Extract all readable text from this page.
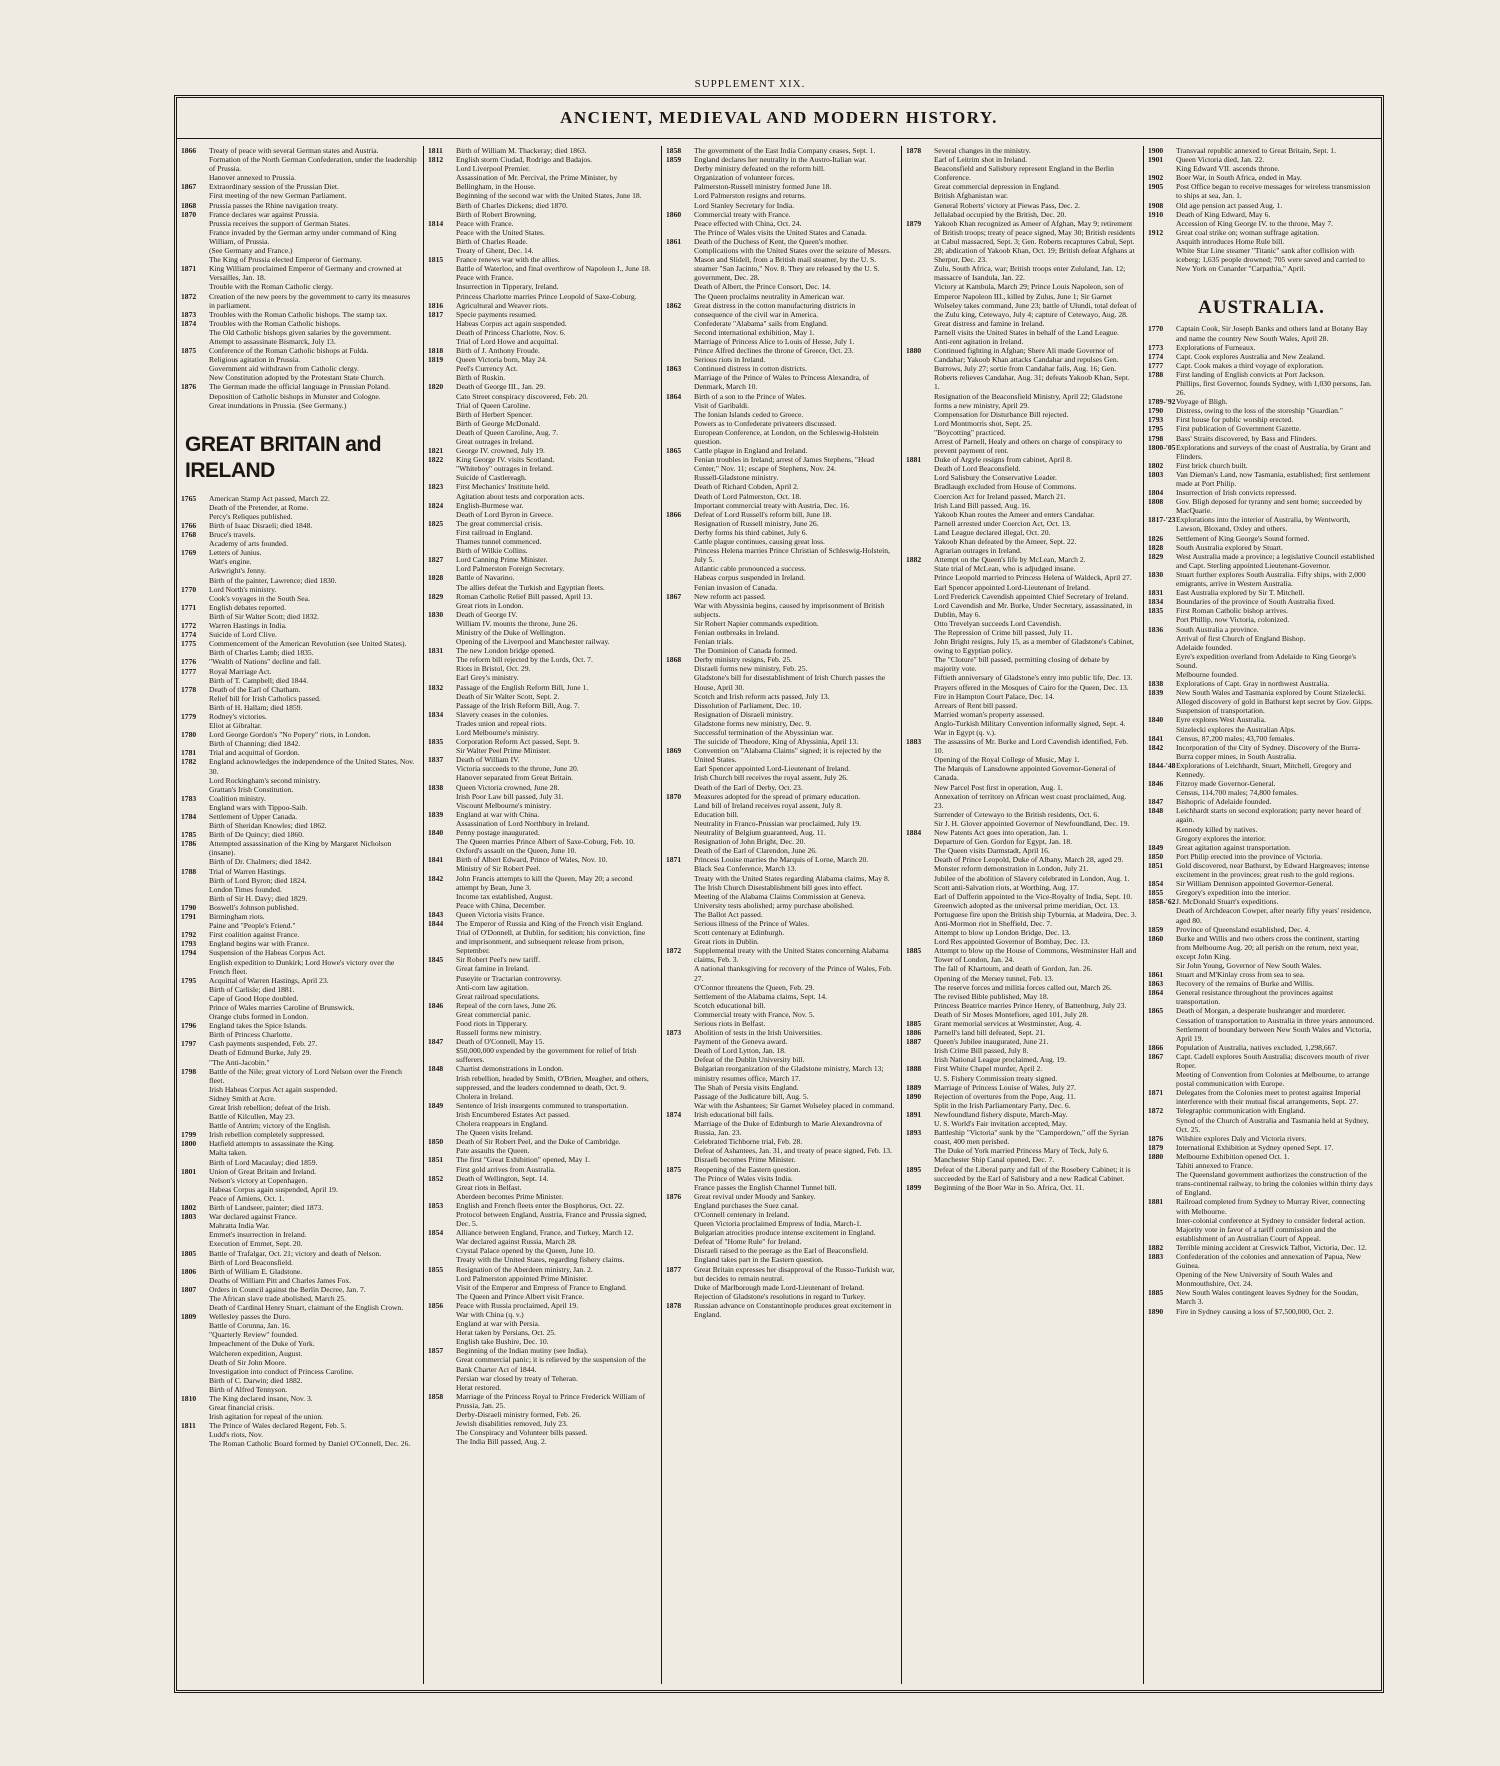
SUPPLEMENT XIX.
ANCIENT, MEDIEVAL AND MODERN HISTORY.
1866	Treaty of peace with several German states and Austria.
Formation of the North German Confederation, under the leadership of Prussia.
Hanover annexed to Prussia.
1867	Extraordinary session of the Prussian Diet.
First meeting of the new German Parliament.
1868	Prussia passes the Rhine navigation treaty.
1870	France declares war against Prussia.
Prussia receives the support of German States.
France invaded by the German army under command of King William, of Prussia.
(See Germany and France.)
The King of Prussia elected Emperor of Germany.
1871	King William proclaimed Emperor of Germany and crowned at Versailles, Jan. 18.
Trouble with the Roman Catholic clergy.
1872	Creation of the new peers by the government to carry its measures in parliament.
1873	Troubles with the Roman Catholic bishops. The stamp tax.
1874	Troubles with the Roman Catholic bishops.
The Old Catholic bishops given salaries by the government.
Attempt to assassinate Bismarck, July 13.
1875	Conference of the Roman Catholic bishops at Fulda.
Religious agitation in Prussia.
Government aid withdrawn from Catholic clergy.
New Constitution adopted by the Protestant State Church.
1876	The German made the official language in Prussian Poland.
Deposition of Catholic bishops in Munster and Cologne.
Great inundations in Prussia. (See Germany.)
GREAT BRITAIN and IRELAND
1765	American Stamp Act passed, March 22.
Death of the Pretender, at Rome.
Percy's Reliques published.
1766	Birth of Isaac Disraeli; died 1848.
1768	Bruce's travels.
Academy of arts founded.
1769	Letters of Junius.
Watt's engine.
Arkwright's Jenny.
Birth of the painter, Lawrence; died 1830.
1770	Lord North's ministry.
Cook's voyages in the South Sea.
1771	English debates reported.
Birth of Sir Walter Scott; died 1832.
1772	Warren Hastings in India.
1774	Suicide of Lord Clive.
1775	Commencement of the American Revolution (see United States).
Birth of Charles Lamb; died 1835.
1776	"Wealth of Nations" decline and fall.
1777	Royal Marriage Act.
Birth of T. Campbell; died 1844.
1778	Death of the Earl of Chatham.
Relief bill for Irish Catholics passed.
Birth of H. Hallam; died 1859.
1779	Rodney's victories.
Eliot at Gibraltar.
1780	Lord George Gordon's "No Popery" riots, in London.
Birth of Channing; died 1842.
1781	Trial and acquittal of Gordon.
1782	England acknowledges the independence of the United States, Nov. 30.
Lord Rockingham's second ministry.
Grattan's Irish Constitution.
1783	Coalition ministry.
England wars with Tippoo-Saib.
1784	Settlement of Upper Canada.
Birth of Sheridan Knowles; died 1862.
1785	Birth of De Quincy; died 1860.
1786	Attempted assassination of the King by Margaret Nicholson (insane).
Birth of Dr. Chalmers; died 1842.
1788	Trial of Warren Hastings.
Birth of Lord Byron; died 1824.
London Times founded.
Birth of Sir H. Davy; died 1829.
1790	Boswell's Johnson published.
1791	Birmingham riots.
Paine and "People's Friend."
1792	First coalition against France.
1793	England begins war with France.
1794	Suspension of the Habeas Corpus Act.
English expedition to Dunkirk; Lord Howe's victory over the French fleet.
1795	Acquittal of Warren Hastings, April 23.
Birth of Carlisle; died 1881.
Cape of Good Hope doubled.
Prince of Wales marries Caroline of Brunswick.
Orange clubs formed in London.
1796	England takes the Spice Islands.
Birth of Princess Charlotte.
1797	Cash payments suspended, Feb. 27.
Death of Edmund Burke, July 29.
"The Anti-Jacobin."
1798	Battle of the Nile; great victory of Lord Nelson over the French fleet.
Irish Habeas Corpus Act again suspended.
Sidney Smith at Acre.
Great Irish rebellion; defeat of the Irish.
Battle of Kilcullen, May 23.
Battle of Antrim; victory of the English.
1799	Irish rebellion completely suppressed.
1800	Hatfield attempts to assassinate the King.
Malta taken.
Birth of Lord Macaulay; died 1859.
1801	Union of Great Britain and Ireland.
Nelson's victory at Copenhagen.
Habeas Corpus again suspended, April 19.
Peace of Amiens, Oct. 1.
1802	Birth of Landseer, painter; died 1873.
1803	War declared against France.
Mahratta India War.
Emmet's insurrection in Ireland.
Execution of Emmet, Sept. 20.
1805	Battle of Trafalgar, Oct. 21; victory and death of Nelson.
Birth of Lord Beaconsfield.
1806	Birth of William E. Gladstone.
Deaths of William Pitt and Charles James Fox.
1807	Orders in Council against the Berlin Decree, Jan. 7.
The African slave trade abolished, March 25.
Death of Cardinal Henry Stuart, claimant of the English Crown.
1809	Wellesley passes the Duro.
Battle of Corunna, Jan. 16.
"Quarterly Review" founded.
Impeachment of the Duke of York.
Walcheren expedition, August.
Death of Sir John Moore.
Investigation into conduct of Princess Caroline.
Birth of C. Darwin; died 1882.
Birth of Alfred Tennyson.
1810	The King declared insane, Nov. 3.
Great financial crisis.
Irish agitation for repeal of the union.
1811	The Prince of Wales declared Regent, Feb. 5.
Ludd's riots, Nov.
The Roman Catholic Board formed by Daniel O'Connell, Dec. 26.
1811	Birth of William M. Thackeray; died 1863.
1812	English storm Ciudad, Rodrigo and Badajos.
Lord Liverpool Premier.
Assassination of Mr. Percival, the Prime Minister, by Bellingham, in the House.
Beginning of the second war with the United States, June 18.
Birth of Charles Dickens; died 1870.
Birth of Robert Browning.
1814	Peace with France.
Peace with the United States.
Birth of Charles Reade.
Treaty of Ghent, Dec. 14.
1815	France renews war with the allies.
Battle of Waterloo, and final overthrow of Napoleon I., June 18.
Peace with France.
Insurrection in Tipperary, Ireland.
Princess Charlotte marries Prince Leopold of Saxe-Coburg.
1816	Agricultural and Weaver riots.
1817	Specie payments resumed.
Habeas Corpus act again suspended.
Death of Princess Charlotte, Nov. 6.
Trial of Lord Howe and acquittal.
1818	Birth of J. Anthony Froude.
1819	Queen Victoria born, May 24.
Peel's Currency Act.
Birth of Ruskin.
1820	Death of George III., Jan. 29.
Cato Street conspiracy discovered, Feb. 20.
Trial of Queen Caroline.
Birth of Herbert Spencer.
Birth of George McDonald.
Death of Queen Caroline, Aug. 7.
Great outrages in Ireland.
1821	George IV. crowned, July 19.
1822	King George IV. visits Scotland.
"Whiteboy" outrages in Ireland.
Suicide of Castlereagh.
1823	First Mechanics' Institute held.
Agitation about tests and corporation acts.
1824	English-Burmese war.
Death of Lord Byron in Greece.
1825	The great commercial crisis.
First railroad in England.
Thames tunnel commenced.
Birth of Wilkie Collins.
1827	Lord Canning Prime Minister.
Lord Palmerston Foreign Secretary.
1828	Battle of Navarino.
The allies defeat the Turkish and Egyptian fleets.
1829	Roman Catholic Relief Bill passed, April 13.
Great riots in London.
1830	Death of George IV.
William IV. mounts the throne, June 26.
Ministry of the Duke of Wellington.
Opening of the Liverpool and Manchester railway.
1831	The new London bridge opened.
The reform bill rejected by the Lords, Oct. 7.
Riots in Bristol, Oct. 29.
Earl Grey's ministry.
1832	Passage of the English Reform Bill, June 1.
Death of Sir Walter Scott, Sept. 2.
Passage of the Irish Reform Bill, Aug. 7.
1834	Slavery ceases in the colonies.
Trades union and repeal riots.
Lord Melbourne's ministry.
1835	Corporation Reform Act passed, Sept. 9.
Sir Walter Peel Prime Minister.
1837	Death of William IV.
Victoria succeeds to the throne, June 20.
Hanover separated from Great Britain.
1838	Queen Victoria crowned, June 28.
Irish Poor Law bill passed, July 31.
Viscount Melbourne's ministry.
1839	England at war with China.
Assassination of Lord Northbury in Ireland.
1840	Penny postage inaugurated.
The Queen marries Prince Albert of Saxe-Coburg, Feb. 10.
Oxford's assault on the Queen, June 10.
1841	Birth of Albert Edward, Prince of Wales, Nov. 10.
Ministry of Sir Robert Peel.
1842	John Francis attempts to kill the Queen, May 20; a second attempt by Bean, June 3.
Income tax established, August.
Peace with China, December.
1843	Queen Victoria visits France.
1844	The Emperor of Russia and King of the French visit England.
Trial of O'Donnell, at Dublin, for sedition; his conviction, fine and imprisonment, and subsequent release from prison, September.
1845	Sir Robert Peel's new tariff.
Great famine in Ireland.
Puseyite or Tractarian controversy.
Anti-corn law agitation.
Great railroad speculations.
1846	Repeal of the corn laws, June 26.
Great commercial panic.
Food riots in Tipperary.
Russell forms new ministry.
1847	Death of O'Connell, May 15.
$50,000,000 expended by the government for relief of Irish sufferers.
1848	Chartist demonstrations in London.
Irish rebellion, headed by Smith, O'Brien, Meagher, and others, suppressed, and the leaders condemned to death, Oct. 9.
Cholera in Ireland.
1849	Sentence of Irish insurgents commuted to transportation.
Irish Encumbered Estates Act passed.
Cholera reappears in England.
The Queen visits Ireland.
1850	Death of Sir Robert Peel, and the Duke of Cambridge.
Pate assaults the Queen.
1851	The first "Great Exhibition" opened, May 1.
First gold arrives from Australia.
1852	Death of Wellington, Sept. 14.
Great riots in Belfast.
Aberdeen becomes Prime Minister.
1853	English and French fleets enter the Bosphorus, Oct. 22.
Protocol between England, Austria, France and Prussia signed, Dec. 5.
1854	Alliance between England, France, and Turkey, March 12.
War declared against Russia, March 28.
Crystal Palace opened by the Queen, June 10.
Treaty with the United States, regarding fishery claims.
1855	Resignation of the Aberdeen ministry, Jan. 2.
Lord Palmerston appointed Prime Minister.
Visit of the Emperor and Empress of France to England.
The Queen and Prince Albert visit France.
1856	Peace with Russia proclaimed, April 19.
War with China (q. v.)
England at war with Persia.
Herat taken by Persians, Oct. 25.
English take Bushire, Dec. 10.
1857	Beginning of the Indian mutiny (see India).
Great commercial panic; it is relieved by the suspension of the Bank Charter Act of 1844.
Persian war closed by treaty of Teheran.
Herat restored.
1858	Marriage of the Princess Royal to Prince Frederick William of Prussia, Jan. 25.
Derby-Disraeli ministry formed, Feb. 26.
Jewish disabilities removed, July 23.
The Conspiracy and Volunteer bills passed.
The India Bill passed, Aug. 2.
1858	The government of the East India Company ceases, Sept. 1.
1859	England declares her neutrality in the Austro-Italian war.
Derby ministry defeated on the reform bill.
Organization of volunteer forces.
Palmerston-Russell ministry formed June 18.
Lord Palmerston resigns and returns.
Lord Stanley Secretary for India.
1860	Commercial treaty with France.
Peace effected with China, Oct. 24.
The Prince of Wales visits the United States and Canada.
1861	Death of the Duchess of Kent, the Queen's mother.
Complications with the United States over the seizure of Messrs. Mason and Slidell, from a British mail steamer, by the U. S. steamer "San Jacinto," Nov. 8. They are released by the U. S. government, Dec. 28.
Death of Albert, the Prince Consort, Dec. 14.
The Queen proclaims neutrality in American war.
1862	Great distress in the cotton manufacturing districts in consequence of the civil war in America.
Confederate "Alabama" sails from England.
Second international exhibition, May 1.
Marriage of Princess Alice to Louis of Hesse, July 1.
Prince Alfred declines the throne of Greece, Oct. 23.
Serious riots in Ireland.
1863	Continued distress in cotton districts.
Marriage of the Prince of Wales to Princess Alexandra, of Denmark, March 10.
1864	Birth of a son to the Prince of Wales.
Visit of Garibaldi.
The Ionian Islands ceded to Greece.
Powers as to Confederate privateers discussed.
European Conference, at London, on the Schleswig-Holstein question.
1865	Cattle plague in England and Ireland.
Fenian troubles in Ireland; arrest of James Stephens, "Head Center," Nov. 11; escape of Stephens, Nov. 24.
Russell-Gladstone ministry.
Death of Richard Cobden, April 2.
Death of Lord Palmerston, Oct. 18.
Important commercial treaty with Austria, Dec. 16.
1866	Defeat of Lord Russell's reform bill, June 18.
Resignation of Russell ministry, June 26.
Derby forms his third cabinet, July 6.
Cattle plague continues, causing great loss.
Princess Helena marries Prince Christian of Schleswig-Holstein, July 5.
Atlantic cable pronounced a success.
Habeas corpus suspended in Ireland.
Fenian invasion of Canada.
1867	New reform act passed.
War with Abyssinia begins, caused by imprisonment of British subjects.
Sir Robert Napier commands expedition.
Fenian outbreaks in Ireland.
Fenian trials.
The Dominion of Canada formed.
1868	Derby ministry resigns, Feb. 25.
Disraeli forms new ministry, Feb. 25.
Gladstone's bill for disestablishment of Irish Church passes the House, April 30.
Scotch and Irish reform acts passed, July 13.
Dissolution of Parliament, Dec. 10.
Resignation of Disraeli ministry.
Gladstone forms new ministry, Dec. 9.
Successful termination of the Abyssinian war.
The suicide of Theodore, King of Abyssinia, April 13.
1869	Convention on "Alabama Claims" signed; it is rejected by the United States.
Earl Spencer appointed Lord-Lieutenant of Ireland.
Irish Church bill receives the royal assent, July 26.
Death of the Earl of Derby, Oct. 23.
1870	Measures adopted for the spread of primary education.
Land bill of Ireland receives royal assent, July 8.
Education bill.
Neutrality in Franco-Prussian war proclaimed, July 19.
Neutrality of Belgium guaranteed, Aug. 11.
Resignation of John Bright, Dec. 20.
Death of the Earl of Clarendon, June 26.
1871	Princess Louise marries the Marquis of Lorne, March 20.
Black Sea Conference, March 13.
Treaty with the United States regarding Alabama claims, May 8.
The Irish Church Disestablishment bill goes into effect.
Meeting of the Alabama Claims Commission at Geneva.
University tests abolished; army purchase abolished.
The Ballot Act passed.
Serious illness of the Prince of Wales.
Scott centenary at Edinburgh.
Great riots in Dublin.
1872	Supplemental treaty with the United States concerning Alabama claims, Feb. 3.
A national thanksgiving for recovery of the Prince of Wales, Feb. 27.
O'Connor threatens the Queen, Feb. 29.
Settlement of the Alabama claims, Sept. 14.
Scotch educational bill.
Commercial treaty with France, Nov. 5.
Serious riots in Belfast.
1873	Abolition of tests in the Irish Universities.
Payment of the Geneva award.
Death of Lord Lytton, Jan. 18.
Defeat of the Dublin University bill.
Bulgarian reorganization of the Gladstone ministry, March 13; ministry resumes office, March 17.
The Shah of Persia visits England.
Passage of the Judicature bill, Aug. 5.
War with the Ashantees; Sir Garnet Wolseley placed in command.
1874	Irish educational bill fails.
Marriage of the Duke of Edinburgh to Marie Alexandrovna of Russia, Jan. 23.
Celebrated Tichborne trial, Feb. 28.
Defeat of Ashantees, Jan. 31, and treaty of peace signed, Feb. 13.
Disraeli becomes Prime Minister.
1875	Reopening of the Eastern question.
The Prince of Wales visits India.
France passes the English Channel Tunnel bill.
1876	Great revival under Moody and Sankey.
England purchases the Suez canal.
O'Connell centenary in Ireland.
Queen Victoria proclaimed Empress of India, March-1.
Bulgarian atrocities produce intense excitement in England.
Defeat of "Home Rule" for Ireland.
Disraeli raised to the peerage as the Earl of Beaconsfield.
England takes part in the Eastern question.
1877	Great Britain expresses her disapproval of the Russo-Turkish war, but decides to remain neutral.
Duke of Marlborough made Lord-Lieutenant of Ireland.
Rejection of Gladstone's resolutions in regard to Turkey.
1878	Russian advance on Constantinople produces great excitement in England.
1878	Several changes in the ministry.
Earl of Leitrim shot in Ireland.
Beaconsfield and Salisbury represent England in the Berlin Conference.
Great commercial depression in England.
British Afghanistan war.
General Roberts' victory at Piewas Pass, Dec. 2.
Jellalabad occupied by the British, Dec. 20.
1879	Yakoob Khan recognized as Ameer of Afghan, May 9; retirement of British troops; treaty of peace signed, May 30; British residents at Cabul massacred, Sept. 3; Gen. Roberts recaptures Cabul, Sept. 28; abdication of Yakoob Khan, Oct. 19; British defeat Afghans at Sherpur, Dec. 23.
Zulu, South Africa, war; British troops enter Zululand, Jan. 12; massacre of Isandula, Jan. 22.
Victory at Kambula, March 29; Prince Louis Napoleon, son of Emperor Napoleon III., killed by Zulus, June 1; Sir Garnet Wolseley takes command, June 23; battle of Ulundi, total defeat of the Zulu king, Cetewayo, July 4; capture of Cetewayo, Aug. 28.
Great distress and famine in Ireland.
Parnell visits the United States in behalf of the Land League.
Anti-rent agitation in Ireland.
1880	Continued fighting in Afghan; Shere Ali made Governor of Candahar; Yakoob Khan attacks Candahar and repulses Gen. Burrows, July 27; sortie from Candahar fails, Aug. 16; Gen. Roberts relieves Candahar, Aug. 31; defeats Yakoob Khan, Sept. 1.
Resignation of the Beaconsfield Ministry, April 22; Gladstone forms a new ministry, April 29.
Compensation for Disturbance Bill rejected.
Lord Montmorris shot, Sept. 25.
"Boycotting" practiced.
Arrest of Parnell, Healy and others on charge of conspiracy to prevent payment of rent.
1881	Duke of Argyle resigns from cabinet, April 8.
Death of Lord Beaconsfield.
Lord Salisbury the Conservative Leader.
Bradlaugh excluded from House of Commons.
Coercion Act for Ireland passed, March 21.
Irish Land Bill passed, Aug. 16.
Yakoob Khan routes the Ameer and enters Candahar.
Parnell arrested under Coercion Act, Oct. 13.
Land League declared illegal, Oct. 20.
Yakoob Khan defeated by the Ameer, Sept. 22.
Agrarian outrages in Ireland.
1882	Attempt on the Queen's life by McLean, March 2.
State trial of McLean, who is adjudged insane.
Prince Leopold married to Princess Helena of Waldeck, April 27.
Earl Spencer appointed Lord-Lieutenant of Ireland.
Lord Frederick Cavendish appointed Chief Secretary of Ireland.
Lord Cavendish and Mr. Burke, Under Secretary, assassinated, in Dublin, May 6.
Otto Trevelyan succeeds Lord Cavendish.
The Repression of Crime bill passed, July 11.
John Bright resigns, July 15, as a member of Gladstone's Cabinet, owing to Egyptian policy.
The "Cloture" bill passed, permitting closing of debate by majority vote.
Fiftieth anniversary of Gladstone's entry into public life, Dec. 13.
Prayers offered in the Mosques of Cairo for the Queen, Dec. 13.
Fire in Hampton Court Palace, Dec. 14.
Arrears of Rent bill passed.
Married woman's property assessed.
Anglo-Turkish Military Convention informally signed, Sept. 4.
War in Egypt (q. v.).
1883	The assassins of Mr. Burke and Lord Cavendish identified, Feb. 10.
Opening of the Royal College of Music, May 1.
The Marquis of Lansdowne appointed Governor-General of Canada.
New Parcel Post first in operation, Aug. 1.
Annexation of territory on African west coast proclaimed, Aug. 23.
Surrender of Cetewayo to the British residents, Oct. 6.
Sir J. H. Glover appointed Governor of Newfoundland, Dec. 19.
1884	New Patents Act goes into operation, Jan. 1.
Departure of Gen. Gordon for Egypt, Jan. 18.
The Queen visits Darmstadt, April 16.
Death of Prince Leopold, Duke of Albany, March 28, aged 29.
Monster reform demonstration in London, July 21.
Jubilee of the abolition of Slavery celebrated in London, Aug. 1.
Scott anti-Salvation riots, at Worthing, Aug. 17.
Earl of Dufferin appointed to the Vice-Royalty of India, Sept. 10.
Greenwich adopted as the universal prime meridian, Oct. 13.
Portuguese fire upon the British ship Tyburnia, at Madeira, Dec. 3.
Anti-Mormon riot in Sheffield, Dec. 7.
Attempt to blow up London Bridge, Dec. 13.
Lord Res appointed Governor of Bombay, Dec. 13.
1885	Attempt to blow up the House of Commons, Westminster Hall and Tower of London, Jan. 24.
The fall of Khartoum, and death of Gordon, Jan. 26.
Opening of the Mersey tunnel, Feb. 13.
The reserve forces and militia forces called out, March 26.
The revised Bible published, May 18.
Princess Beatrice marries Prince Henry, of Battenburg, July 23.
Death of Sir Moses Montefiore, aged 101, July 28.
1885	Grant memorial services at Westminster, Aug. 4.
1886	Parnell's land bill defeated, Sept. 21.
1887	Queen's Jubilee inaugurated, June 21.
Irish Crime Bill passed, July 8.
Irish National League proclaimed, Aug. 19.
1888	First White Chapel murder, April 2.
U. S. Fishery Commission treaty signed.
1889	Marriage of Princess Louise of Wales, July 27.
1890	Rejection of overtures from the Pope, Aug. 11.
Split in the Irish Parliamentary Party, Dec. 6.
1891	Newfoundland fishery dispute, March-May.
U. S. World's Fair invitation accepted, May.
1893	Battleship "Victoria" sunk by the "Camperdown," off the Syrian coast, 400 men perished.
The Duke of York married Princess Mary of Teck, July 6.
Manchester Ship Canal opened, Dec. 7.
1895	Defeat of the Liberal party and fall of the Rosebery Cabinet; it is succeeded by the Earl of Salisbury and a new Radical Cabinet.
1899	Beginning of the Boer War in So. Africa, Oct. 11.
1900	Transvaal republic annexed to Great Britain, Sept. 1.
1901	Queen Victoria died, Jan. 22.
King Edward VII. ascends throne.
1902	Boer War, in South Africa, ended in May.
1905	Post Office began to receive messages for wireless transmission to ships at sea, Jan. 1.
1908	Old age pension act passed Aug. 1.
1910	Death of King Edward, May 6.
Accession of King George IV. to the throne, May 7.
1912	Great coal strike on; woman suffrage agitation.
Asquith introduces Home Rule bill.
White Star Line steamer "Titanic" sank after collision with iceberg; 1,635 people drowned; 705 were saved and carried to New York on Cunarder "Carpathia," April.
AUSTRALIA.
1770	Captain Cook, Sir Joseph Banks and others land at Botany Bay and name the country New South Wales, April 28.
1773	Explorations of Furneaux.
1774	Capt. Cook explores Australia and New Zealand.
1777	Capt. Cook makes a third voyage of exploration.
1788	First landing of English convicts at Port Jackson.
Phillips, first Governor, founds Sydney, with 1,030 persons, Jan. 26.
1789-'92 Voyage of Bligh.
1790	Distress, owing to the loss of the storeship "Guardian."
1793	First house for public worship erected.
1795	First publication of Government Gazette.
1798	Bass' Straits discovered, by Bass and Flinders.
1800-'05 Explorations and surveys of the coast of Australia, by Grant and Flinders.
1802	First brick church built.
1803	Van Dieman's Land, now Tasmania, established; first settlement made at Port Philip.
1804	Insurrection of Irish convicts repressed.
1808	Gov. Bligh deposed for tyranny and sent home; succeeded by MacQuarie.
1817-'23 Explorations into the interior of Australia, by Wentworth, Lawson, Bloxand, Oxley and others.
1826	Settlement of King George's Sound formed.
1828	South Australia explored by Stuart.
1829	West Australia made a province; a legislative Council established and Capt. Sterling appointed Lieutenant-Governor.
1830	Stuart further explores South Australia. Fifty ships, with 2,000 emigrants, arrive in Western Australia.
1831	East Australia explored by Sir T. Mitchell.
1834	Boundaries of the province of South Australia fixed.
1835	First Roman Catholic bishop arrives.
Port Phillip, now Victoria, colonized.
1836	South Australia a province.
Arrival of first Church of England Bishop.
Adelaide founded.
Eyre's expedition overland from Adelaide to King George's Sound.
Melbourne founded.
1838	Explorations of Capt. Gray in northwest Australia.
1839	New South Wales and Tasmania explored by Count Stizelecki.
Alleged discovery of gold in Bathurst kept secret by Gov. Gipps.
Suspension of transportation.
1840	Eyre explores West Australia.
Stizelecki explores the Australian Alps.
1841	Census, 87,200 males; 43,700 females.
1842	Incorporation of the City of Sydney. Discovery of the Burra-Burra copper mines, in South Australia.
1844-'48 Explorations of Leichhardt, Stuart, Mitchell, Gregory and Kennedy.
1846	Fitzroy made Governor-General.
Census, 114,700 males; 74,800 females.
1847	Bishopric of Adelaide founded.
1848	Leichhardt starts on second exploration; party never heard of again.
Kennedy killed by natives.
Gregory explores the interior.
1849	Great agitation against transportation.
1850	Port Philip erected into the province of Victoria.
1851	Gold discovered, near Bathurst, by Edward Hargreaves; intense excitement in the provinces; great rush to the gold regions.
1854	Sir William Dennison appointed Governor-General.
1855	Gregory's expedition into the interior.
1858-'62 J. McDonald Stuart's expeditions.
Death of Archdeacon Cowper, after nearly fifty years' residence, aged 80.
1859	Province of Queensland established, Dec. 4.
1860	Burke and Willis and two others cross the continent, starting from Melbourne Aug. 20; all perish on the return, next year, except John King.
Sir John Young, Governor of New South Wales.
1861	Stuart and M'Kinlay cross from sea to sea.
1863	Recovery of the remains of Burke and Willis.
1864	General resistance throughout the provinces against transportation.
1865	Death of Morgan, a desperate bushranger and murderer.
Cessation of transportation to Australia in three years announced.
Settlement of boundary between New South Wales and Victoria, April 19.
1866	Population of Australia, natives excluded, 1,298,667.
1867	Capt. Cadell explores South Australia; discovers mouth of river Roper.
Meeting of Convention from Colonies at Melbourne, to arrange postal communication with Europe.
1871	Delegates from the Colonies meet to protest against Imperial interference with their mutual fiscal arrangements, Sept. 27.
1872	Telegraphic communication with England.
Synod of the Church of Australia and Tasmania held at Sydney, Oct. 25.
1876	Wilshire explores Daly and Victoria rivers.
1879	International Exhibition at Sydney opened Sept. 17.
1880	Melbourne Exhibition opened Oct. 1.
Tahiti annexed to France.
The Queensland government authorizes the construction of the trans-continental railway, to bring the colonies within thirty days of England.
1881	Railroad completed from Sydney to Murray River, connecting with Melbourne.
Inter-colonial conference at Sydney to consider federal action.
Majority vote in favor of a tariff commission and the establishment of an Australian Court of Appeal.
1882	Terrible mining accident at Creswick Talbot, Victoria, Dec. 12.
1883	Confederation of the colonies and annexation of Papua, New Guinea.
Opening of the New University of South Wales and Monmouthshire, Oct. 24.
1885	New South Wales contingent leaves Sydney for the Soudan, March 3.
1890	Fire in Sydney causing a loss of $7,500,000, Oct. 2.
